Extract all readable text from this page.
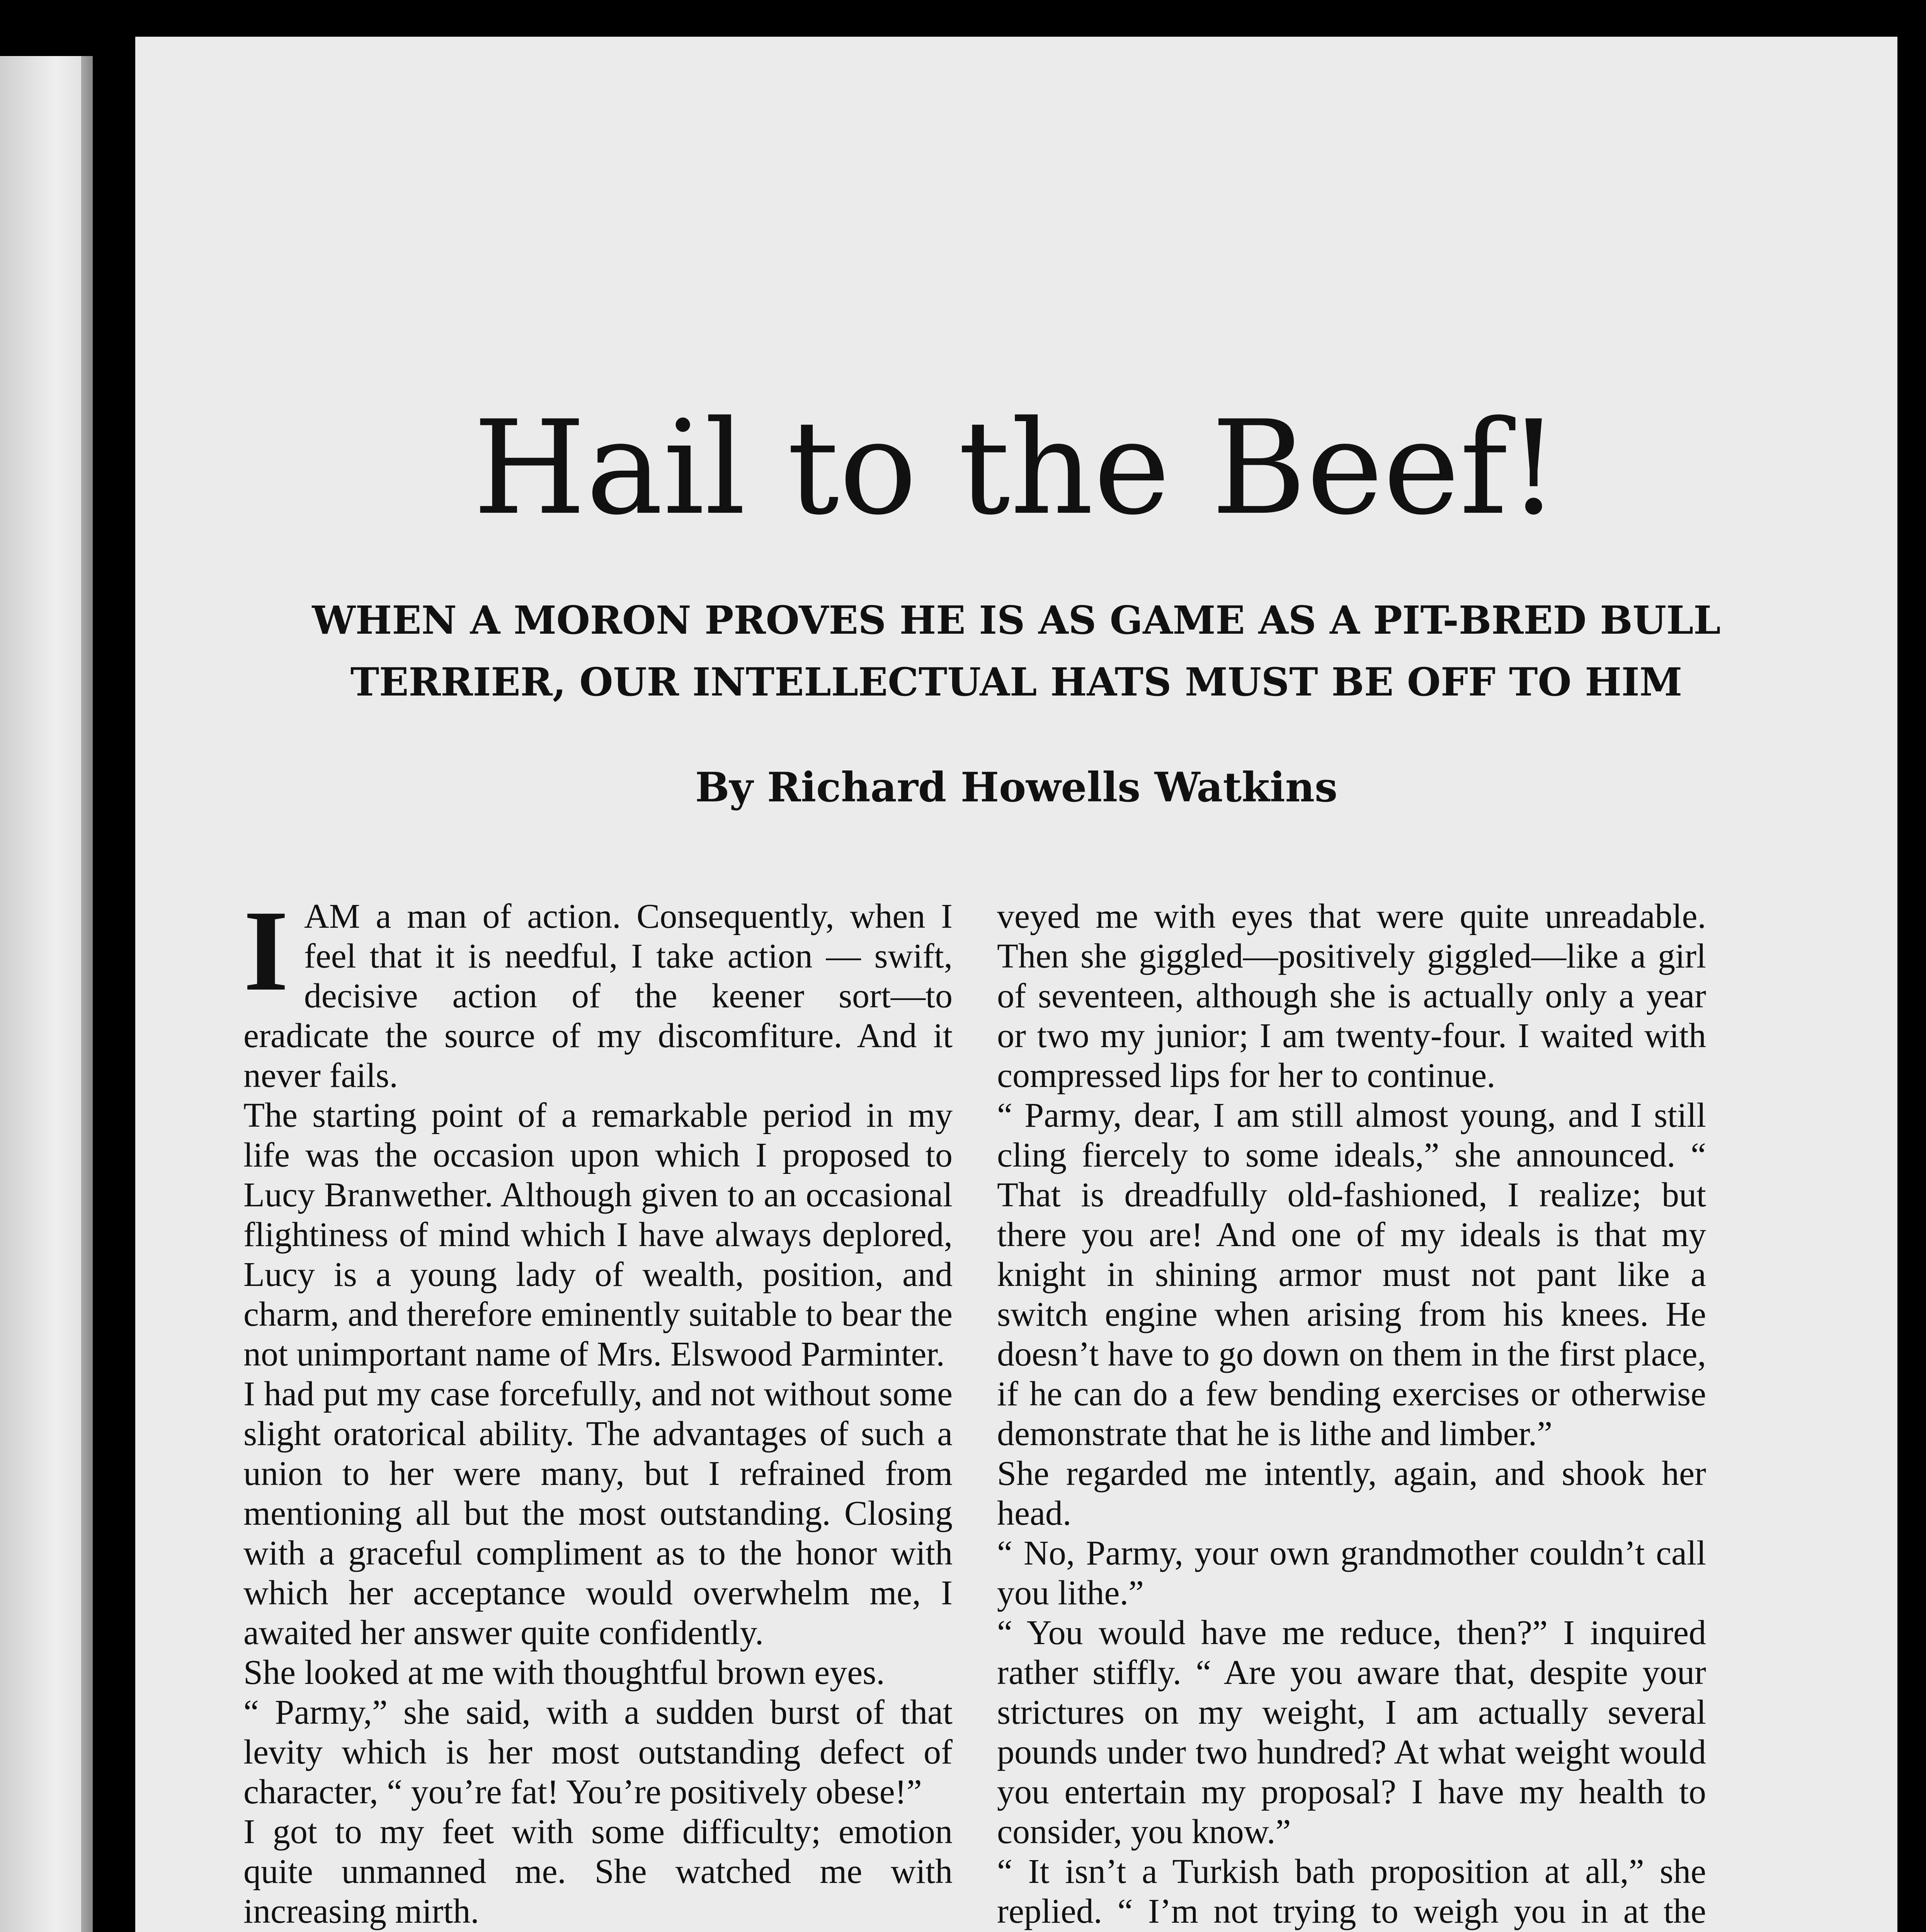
Hail to the Beef!
WHEN A MORON PROVES HE IS AS GAME AS A PIT-BRED BULL
TERRIER, OUR INTELLECTUAL HATS MUST BE OFF TO HIM
By Richard Howells Watkins

IAM a man of action. Consequently, when I feel that it is needful, I take action — swift, decisive action of the keener sort—to eradicate the source of my discomfiture. And it never fails.

The starting point of a remarkable period in my life was the occasion upon which I proposed to Lucy Branwether. Although given to an occasional flightiness of mind which I have always deplored, Lucy is a young lady of wealth, position, and charm, and therefore eminently suitable to bear the not unimportant name of Mrs. Elswood Parminter.

I had put my case forcefully, and not without some slight oratorical ability. The advantages of such a union to her were many, but I refrained from mentioning all but the most outstanding. Closing with a graceful compliment as to the honor with which her acceptance would overwhelm me, I awaited her answer quite confidently.

She looked at me with thoughtful brown eyes.

“ Parmy,” she said, with a sudden burst of that levity which is her most outstanding defect of character, “ you’re fat! You’re positively obese!”

I got to my feet with some difficulty; emotion quite unmanned me. She watched me with increasing mirth.

veyed me with eyes that were quite unreadable. Then she giggled—positively giggled—like a girl of seventeen, although she is actually only a year or two my junior; I am twenty-four. I waited with compressed lips for her to continue.

“ Parmy, dear, I am still almost young, and I still cling fiercely to some ideals,” she announced. “ That is dreadfully old-fashioned, I realize; but there you are! And one of my ideals is that my knight in shining armor must not pant like a switch engine when arising from his knees. He doesn’t have to go down on them in the first place, if he can do a few bending exercises or otherwise demonstrate that he is lithe and limber.”

She regarded me intently, again, and shook her head.

“ No, Parmy, your own grandmother couldn’t call you lithe.”

“ You would have me reduce, then?” I inquired rather stiffly. “ Are you aware that, despite your strictures on my weight, I am actually several pounds under two hundred? At what weight would you entertain my proposal? I have my health to consider, you know.”

“ It isn’t a Turkish bath proposition at all,” she replied. “ I’m not trying to weigh you in at the
